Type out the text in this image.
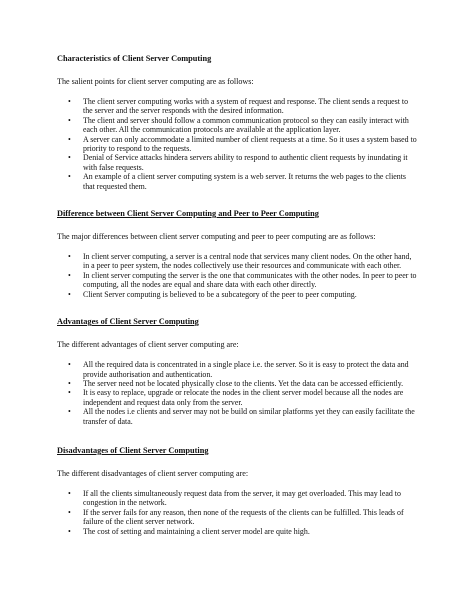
Characteristics of Client Server Computing

The salient points for client server computing are as follows:

• The client server computing works with a system of request and response. The client sends a request to the server and the server responds with the desired information.
• The client and server should follow a common communication protocol so they can easily interact with each other. All the communication protocols are available at the application layer.
• A server can only accommodate a limited number of client requests at a time. So it uses a system based to priority to respond to the requests.
• Denial of Service attacks hindera servers ability to respond to authentic client requests by inundating it with false requests.
• An example of a client server computing system is a web server. It returns the web pages to the clients that requested them.

Difference between Client Server Computing and Peer to Peer Computing

The major differences between client server computing and peer to peer computing are as follows:

• In client server computing, a server is a central node that services many client nodes. On the other hand, in a peer to peer system, the nodes collectively use their resources and communicate with each other.
• In client server computing the server is the one that communicates with the other nodes. In peer to peer to computing, all the nodes are equal and share data with each other directly.
• Client Server computing is believed to be a subcategory of the peer to peer computing.

Advantages of Client Server Computing

The different advantages of client server computing are:

• All the required data is concentrated in a single place i.e. the server. So it is easy to protect the data and provide authorisation and authentication.
• The server need not be located physically close to the clients. Yet the data can be accessed efficiently.
• It is easy to replace, upgrade or relocate the nodes in the client server model because all the nodes are independent and request data only from the server.
• All the nodes i.e clients and server may not be build on similar platforms yet they can easily facilitate the transfer of data.

Disadvantages of Client Server Computing

The different disadvantages of client server computing are:

• If all the clients simultaneously request data from the server, it may get overloaded. This may lead to congestion in the network.
• If the server fails for any reason, then none of the requests of the clients can be fulfilled. This leads of failure of the client server network.
• The cost of setting and maintaining a client server model are quite high.
